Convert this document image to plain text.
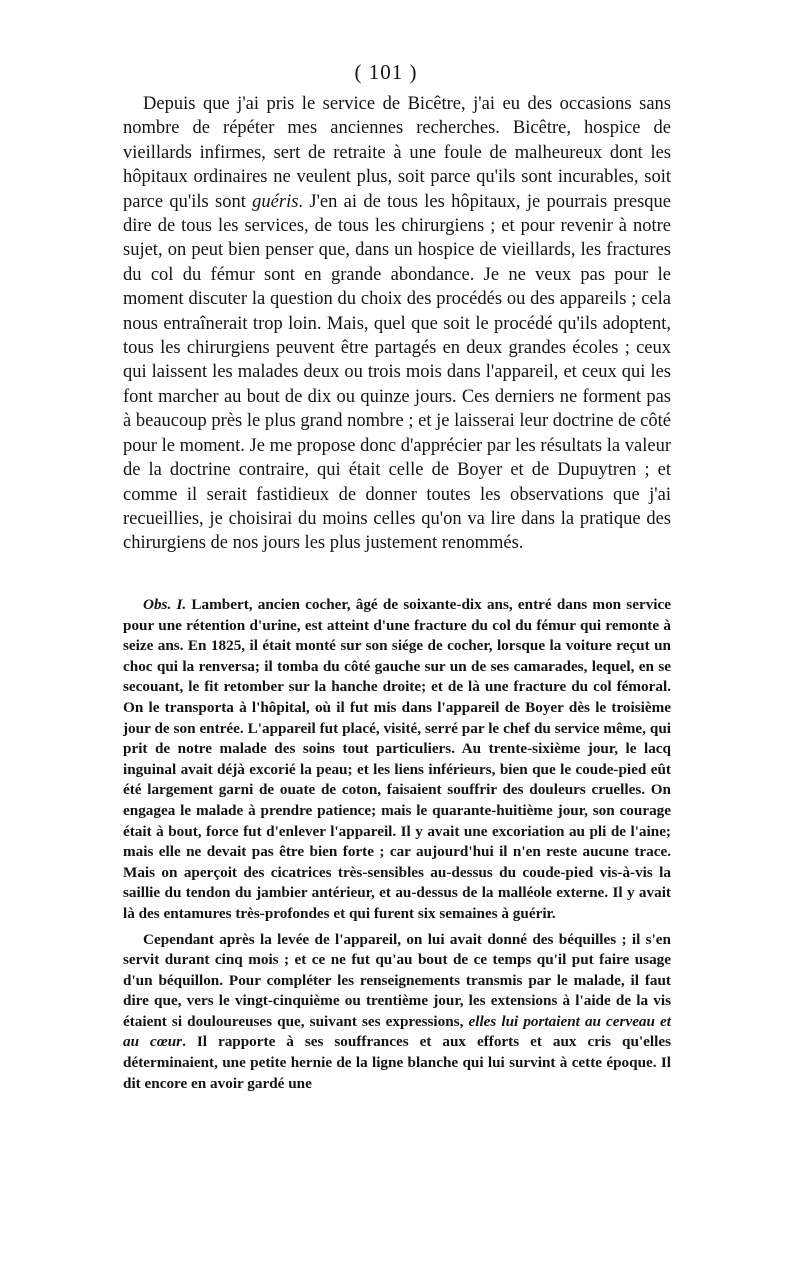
( 101 )

Depuis que j'ai pris le service de Bicêtre, j'ai eu des occasions sans nombre de répéter mes anciennes recherches. Bicêtre, hospice de vieillards infirmes, sert de retraite à une foule de malheureux dont les hôpitaux ordinaires ne veulent plus, soit parce qu'ils sont incurables, soit parce qu'ils sont guéris. J'en ai de tous les hôpitaux, je pourrais presque dire de tous les services, de tous les chirurgiens ; et pour revenir à notre sujet, on peut bien penser que, dans un hospice de vieillards, les fractures du col du fémur sont en grande abondance. Je ne veux pas pour le moment discuter la question du choix des procédés ou des appareils ; cela nous entraînerait trop loin. Mais, quel que soit le procédé qu'ils adoptent, tous les chirurgiens peuvent être partagés en deux grandes écoles ; ceux qui laissent les malades deux ou trois mois dans l'appareil, et ceux qui les font marcher au bout de dix ou quinze jours. Ces derniers ne forment pas à beaucoup près le plus grand nombre ; et je laisserai leur doctrine de côté pour le moment. Je me propose donc d'apprécier par les résultats la valeur de la doctrine contraire, qui était celle de Boyer et de Dupuytren ; et comme il serait fastidieux de donner toutes les observations que j'ai recueillies, je choisirai du moins celles qu'on va lire dans la pratique des chirurgiens de nos jours les plus justement renommés.

Obs. I. Lambert, ancien cocher, âgé de soixante-dix ans, entré dans mon service pour une rétention d'urine, est atteint d'une fracture du col du fémur qui remonte à seize ans. En 1825, il était monté sur son siége de cocher, lorsque la voiture reçut un choc qui la renversa; il tomba du côté gauche sur un de ses camarades, lequel, en se secouant, le fit retomber sur la hanche droite; et de là une fracture du col fémoral. On le transporta à l'hôpital, où il fut mis dans l'appareil de Boyer dès le troisième jour de son entrée. L'appareil fut placé, visité, serré par le chef du service même, qui prit de notre malade des soins tout particuliers. Au trente-sixième jour, le lacq inguinal avait déjà excorié la peau; et les liens inférieurs, bien que le coude-pied eût été largement garni de ouate de coton, faisaient souffrir des douleurs cruelles. On engagea le malade à prendre patience; mais le quarante-huitième jour, son courage était à bout, force fut d'enlever l'appareil. Il y avait une excoriation au pli de l'aine; mais elle ne devait pas être bien forte ; car aujourd'hui il n'en reste aucune trace. Mais on aperçoit des cicatrices très-sensibles au-dessus du coude-pied vis-à-vis la saillie du tendon du jambier antérieur, et au-dessus de la malléole externe. Il y avait là des entamures très-profondes et qui furent six semaines à guérir.

Cependant après la levée de l'appareil, on lui avait donné des béquilles ; il s'en servit durant cinq mois ; et ce ne fut qu'au bout de ce temps qu'il put faire usage d'un béquillon. Pour compléter les renseignements transmis par le malade, il faut dire que, vers le vingt-cinquième ou trentième jour, les extensions à l'aide de la vis étaient si douloureuses que, suivant ses expressions, elles lui portaient au cerveau et au cœur. Il rapporte à ses souffrances et aux efforts et aux cris qu'elles déterminaient, une petite hernie de la ligne blanche qui lui survint à cette époque. Il dit encore en avoir gardé une
